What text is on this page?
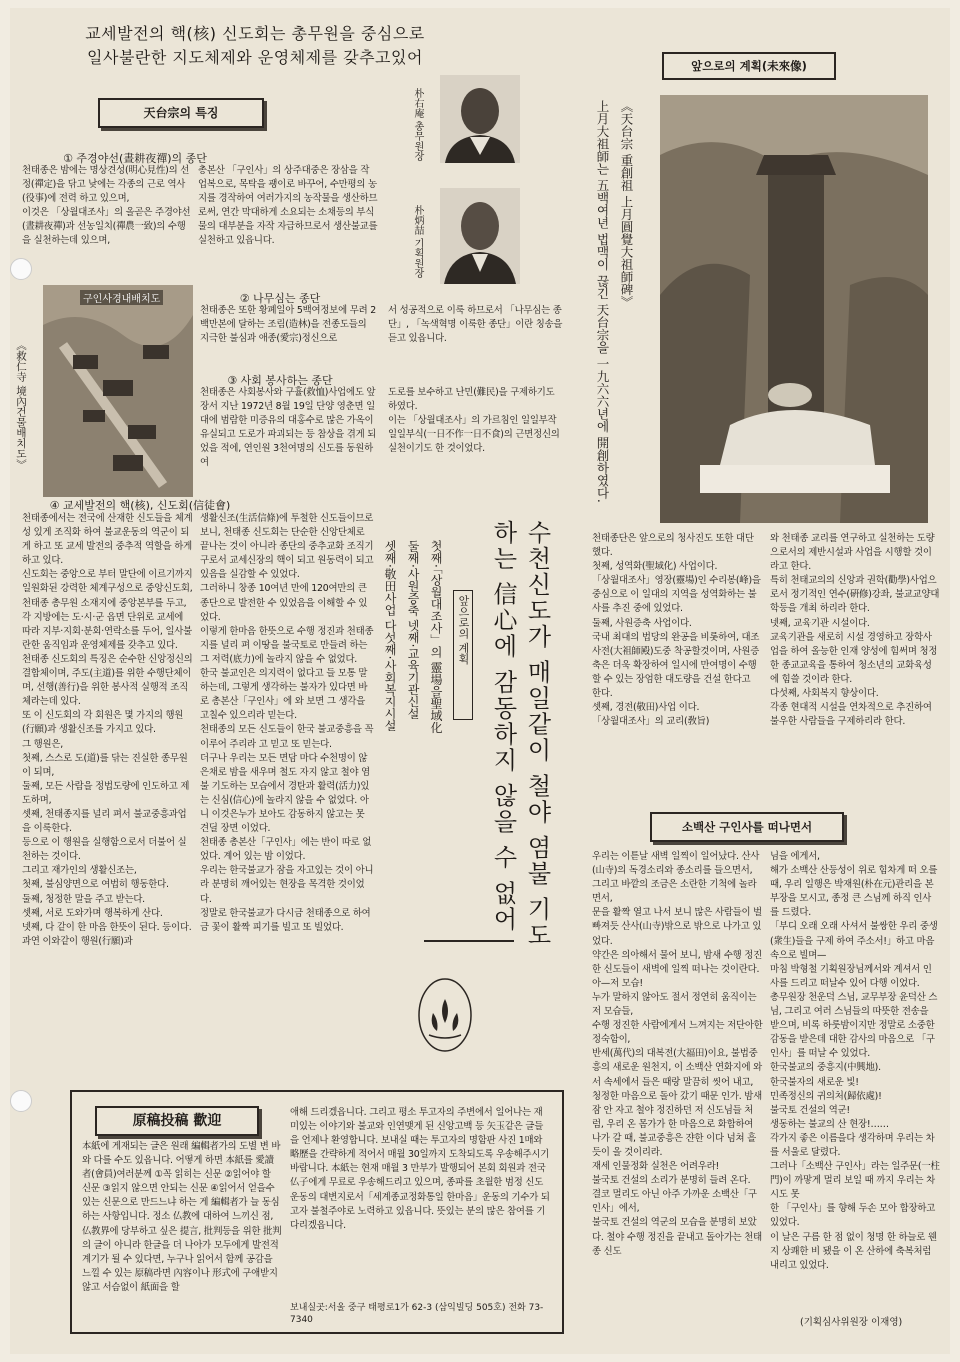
교세발전의 핵(核) 신도회는 총무원을 중심으로
일사불란한 지도체제와 운영체제를 갖추고있어
天台宗의 특징
① 주경야선(晝耕夜禪)의 종단
천태종은 밤에는 명상견성(明心見性)의 선정(禪定)을 닦고 낮에는 각종의 근로 역사(役事)에 전력 하고 있으며,
이것은 「상월대조사」의 올곧은 주경야선(晝耕夜禪)과 선농일치(禪農一致)의 수행을 실천하는데 있으며,
총본산 「구인사」의 상주대중은 장삼을 작업복으로, 목탁을 괭이로 바꾸어, 수만평의 농지를 경작하여 여러가지의 농작물을 생산하므로써, 연간 막대하게 소요되는 소채등의 부식물의 대부분을 자작 자급하므로서 생산불교를 실천하고 있읍니다.
朴右庵 총무원장
朴炳喆 기획원장
구인사경내배치도
《救仁寺 境內건물배치도》
② 나무심는 종단
천태종은 또한 황폐일아 5백여정보에 무려 2백만본에 달하는 조림(造林)을 전종도들의 지극한 불심과 애종(愛宗)정신으로
서 성공적으로 이룩 하므로서 「나무심는 종단」, 「녹색혁명 이룩한 종단」이란 칭송을 듣고 있읍니다.
③ 사회 봉사하는 종단
천태종은 사회봉사와 구휼(救恤)사업에도 앞장서 지난 1972년 8월 19일 단양 영춘면 일대에 범람한 미증유의 대홍수로 많은 가옥이 유실되고 도로가 파괴되는 등 참상을 겪게 되었을 적에, 연인원 3천여명의 신도를 동원하여
도로를 보수하고 난민(難民)을 구제하기도 하였다.
이는 「상월대조사」의 가르침인 일일부작 일일부식(一日不作一日不食)의 근면정신의 실천이기도 한 것이었다.
앞으로의 계획(未來像)
《天台宗 重創祖 上月圓覺大祖師碑》
上月大祖師는 五백여년 법맥이 끊긴 天台宗을 一九六六년에 開創하였다.
④ 교세발전의 핵(核), 신도회(信徒會)
천태종에서는 전국에 산재한 신도들을 체계성 있게 조직화 하여 불교운동의 역군이 되게 하고 또 교세 발전의 중추적 역할을 하게 하고 있다.
신도회는 중앙으로 부터 말단에 이르기까지 일원화된 강력한 체계구성으로 중앙신도회, 천태종 총무원 소재지에 중앙본부를 두고, 각 지방에는 도·시·군 읍면 단위로 교세에 따라 지부·지회·분회·연락소를 두어, 일사불란한 움직임과 운영체제를 갖추고 있다.
천태종 신도회의 특징은 순수한 신앙정신의 결합체이며, 주도(主道)를 위한 수행단체이며, 선행(善行)을 위한 봉사적 실행적 조직체라는데 있다.
또 이 신도회의 각 회원은 몇 가지의 행원(行願)과 생활신조를 가지고 있다.
그 행원은,
첫째, 스스로 도(道)를 닦는 진실한 종무원이 되며,
둘째, 모든 사람을 정법도량에 인도하고 제도하며,
셋째, 천태종지를 널리 펴서 불교중흥과업을 이룩한다.
등으로 이 행원을 실행함으로서 더불어 실천하는 것이다.
그리고 재가인의 생활신조는,
첫째, 불심양면으로 여법히 행동한다.
둘째, 청정한 말을 주고 받는다.
셋째, 서로 도와가며 행복하게 산다.
넷째, 다 같이 한 마음 한뜻이 된다. 등이다.
과연 이와같이 행원(行願)과
생활신조(生活信條)에 투철한 신도들이므로 보니, 천태종 신도회는 단순한 신앙단체로 끝나는 것이 아니라 종단의 중추교화 조직기구로서 교세신장의 핵이 되고 원동력이 되고 있음을 실감할 수 있었다.
그러하니 창종 10여년 만에 120여만의 큰 종단으로 발전한 수 있었음을 이해할 수 있었다.
이렇게 한마음 한뜻으로 수행 정진과 천태종지를 널리 펴 이땅을 불국토로 만들려 하는 그 저력(底力)에 놀라지 않을 수 없었다.
한국 불교인은 의지력이 없다고 들 모통 말하는데, 그렇게 생각하는 불자가 있다면 바로 총본산「구인사」에 와 보면 그 생각을 고칠수 있으리라 믿는다.
천태종의 모든 신도들이 한국 불교중흥을 꼭 이루어 주리라 고 믿고 또 믿는다.
더구나 우리는 모든 면담 마다 수천명이 않은채로 밤을 새우며 철도 자지 않고 철야 염불 기도하는 모습에서 경탄과 활력(活力)있는 신심(信心)에 놀라지 않을 수 없었다. 아니 이것은누가 보아도 감동하지 않고는 못 견딜 장면 이었다.
천태종 총본산「구인사」에는 반이 따로 없었다. 계어 있는 밤 이었다.
우리는 한국불교가 잠을 자고있는 것이 아니라 분명히 깨어있는 현장을 목격한 것이었다.
정말로 한국불교가 다시금 천태종으로 하여금 꽃이 활짝 피기를 빌고 또 빌었다.	수천신도가 매일같이 철야 염불 기도
하는 信心에 감동하지 않을 수 없어
앞으로의 계획
첫째·「상월대조사」의 靈場을聖域化
둘째·사원증축 넷째·교육기관신설
셋째·敬田사업 다섯째·사회복지시설
천태종단은 앞으로의 청사진도 또한 대단 했다.
첫째, 성역화(聖域化) 사업이다.
「상월대조사」영장(靈場)인 수리봉(峰)을 중심으로 이 일대의 지역을 성역화하는 불사를 추진 중에 있었다.
둘째, 사원증축 사업이다.
국내 최대의 법당의 완공을 비롯하여, 대조사전(大祖師殿)도중 착공할것이며, 사원증축은 더욱 확장하여 일시에 만여명이 수행할 수 있는 장엄한 대도량을 건설 한다고 한다.
셋째, 경전(敬田)사업 이다.
「상월대조사」의 교리(敎旨)
와 천태종 교리를 연구하고 실천하는 도량으로서의 제반시설과 사업을 시행할 것이라고 한다.
특히 천태교의의 신앙과 권학(勸學)사업으로서 정기적인 연수(硏修)강좌, 불교교양대학등을 개최 하리라 한다.
넷째, 교육기관 시설이다.
교육기관을 새로히 시설 경영하고 장학사업을 하여 올능한 인재 양성에 힘써며 청정한 종교교육을 통하여 청소년의 교화육성에 힘쓸 것이라 한다.
다섯째, 사회복지 향상이다.
각종 현대적 시설을 연차적으로 추진하여 불우한 사람들을 구제하리라 한다.
소백산 구인사를 떠나면서
우리는 이튿날 새벽 일찍이 일어났다. 산사(山寺)의 독경소리와 종소리를 들으면서,
그리고 바깥의 조금은 소란한 기척에 놀라면서,
문을 활짝 열고 나서 보니 많은 사람들이 벌 빠져듯 산사(山寺)밖으로 밖으로 나가고 있었다.
약간은 의아해서 물어 보니, 밤새 수행 정진한 신도들이 새벽에 일찍 떠나는 것이란다.
아—저 모습!
누가 말하지 않아도 절서 정연히 움직이는 저 모습들,
수행 정진한 사람에게서 느껴지는 저단아한 정숙함이,
반세(萬代)의 대복전(大福田)이요, 불법중흥의 새로운 원천지, 이 소백산 연화지에 와서 속세에서 들은 때랑 말끔히 씻어 내고, 청정한 마음으로 돌아 갔기 때문 인가. 밤새 잠 안 자고 철야 정진하던 저 신도님들 처럼, 우리 온 몸가가 한 마음으로 화합하여 나가 갈 때, 불교중흥은 쟌한 이다 넘쳐 흘듯이 올 것이리라.
재세 인물정화 실천은 어려우라!
불국토 건설의 소리가 분명히 들려 온다.
결코 멀리도 아닌 아주 가까운 소백산「구인사」에서,
불국토 건설의 역군의 모습을 분명히 보았다. 철야 수행 정진을 끝내고 돌아가는 천태종 신도
님을 에게서,
해가 소백산 산등성이 위로 힘차게 떠 오를 때, 우리 일행은 박재원(朴在元)관리을 본부장을 모시고, 종정 큰 스님께 하직 인사를 드렸다.
「부디 오래 오래 사셔서 불쌍한 우리 중생(衆生)들을 구제 하여 주소서!」하고 마음속으로 빌며—
마침 박형철 기획원장님께서와 계셔서 인사를 드리고 떠날수 있어 다행 이었다.
총무원장 천운덕 스님, 교무부장 윤덕산 스님, 그리고 여러 스님들의 따뜻한 전송을 받으며, 비록 하룻밤이지만 정말로 소중한 감동을 받은데 대한 감사의 마음으로 「구인사」를 떠날 수 있었다.
한국불교의 중흥지(中興地).
한국불자의 새로운 빛!
민족정신의 귀의처(歸依處)!
불국토 건설의 역군!
생동하는 불교의 산 현장!……
각가지 좋은 이름을다 생각하며 우리는 차를 서울로 달렸다.
그러나「소백산 구인사」라는 일주문(一柱門)이 까맣게 멀리 보일 때 까지 우리는 차 시도 못
한 「구인사」를 향해 두손 모아 합장하고 있었다.
이 날은 구름 한 점 없이 청명 한 하늘로 웬지 상쾌한 비 됐을 이 온 산하에 축복처럼 내리고 있었다.
(기획심사위원장 이재영)
原稿投稿 歡迎
本紙에 게재되는 글은 원래 編輯者가의 도별 변 바와 다를 수도 있읍니다. 어떻게 하면 本紙를 愛讀者(會員)여러분께 ①꼭 읽히는 신문 ②읽어야 할 신문 ③읽지 않으면 안되는 신문 ④읽어서 얻을수 있는 신문으로 만드느냐 하는 게 編輯者가 늘 동심하는 사항입니다. 정소 仏教에 대하여 느끼신 점, 仏教界에 당부하고 싶은 提言, 批判등을 위한 批判의 글이 아니라 한글을 더 나아가 모두에게 발전적 계기가 될 수 있다면, 누구나 읽어서 함께 공감을 느낄 수 있는 原稿라면 內容이나 形式에 구애받지 않고 서슴없이 紙面을 할
애해 드리겠읍니다. 그리고 평소 투고자의 주변에서 일어나는 재미있는 이야기와 불교와 인연맺게 된 신앙고백 등 矢玉같은 글들을 언제나 환영합니다. 보내실 때는 투고자의 명함판 사진 1매와 略歷을 간략하게 적어서 매월 30일까지 도착되도록 우송해주시기 바랍니다. 本紙는 현재 매월 3 만부가 발행되어 본회 회원과 전국 仏子에게 무료로 우송해드리고 있으며, 종파를 초월한 범정 신도운동의 대변지로서「세계종교정화통일 한마음」운동의 기수가 되고자 불철주야로 노력하고 있읍니다. 뜻있는 분의 많은 참여를 기다리겠읍니다.
보내실곳:서울 중구 태평로1가 62-3 (삼익빌딩 505호) 전화 73-7340
